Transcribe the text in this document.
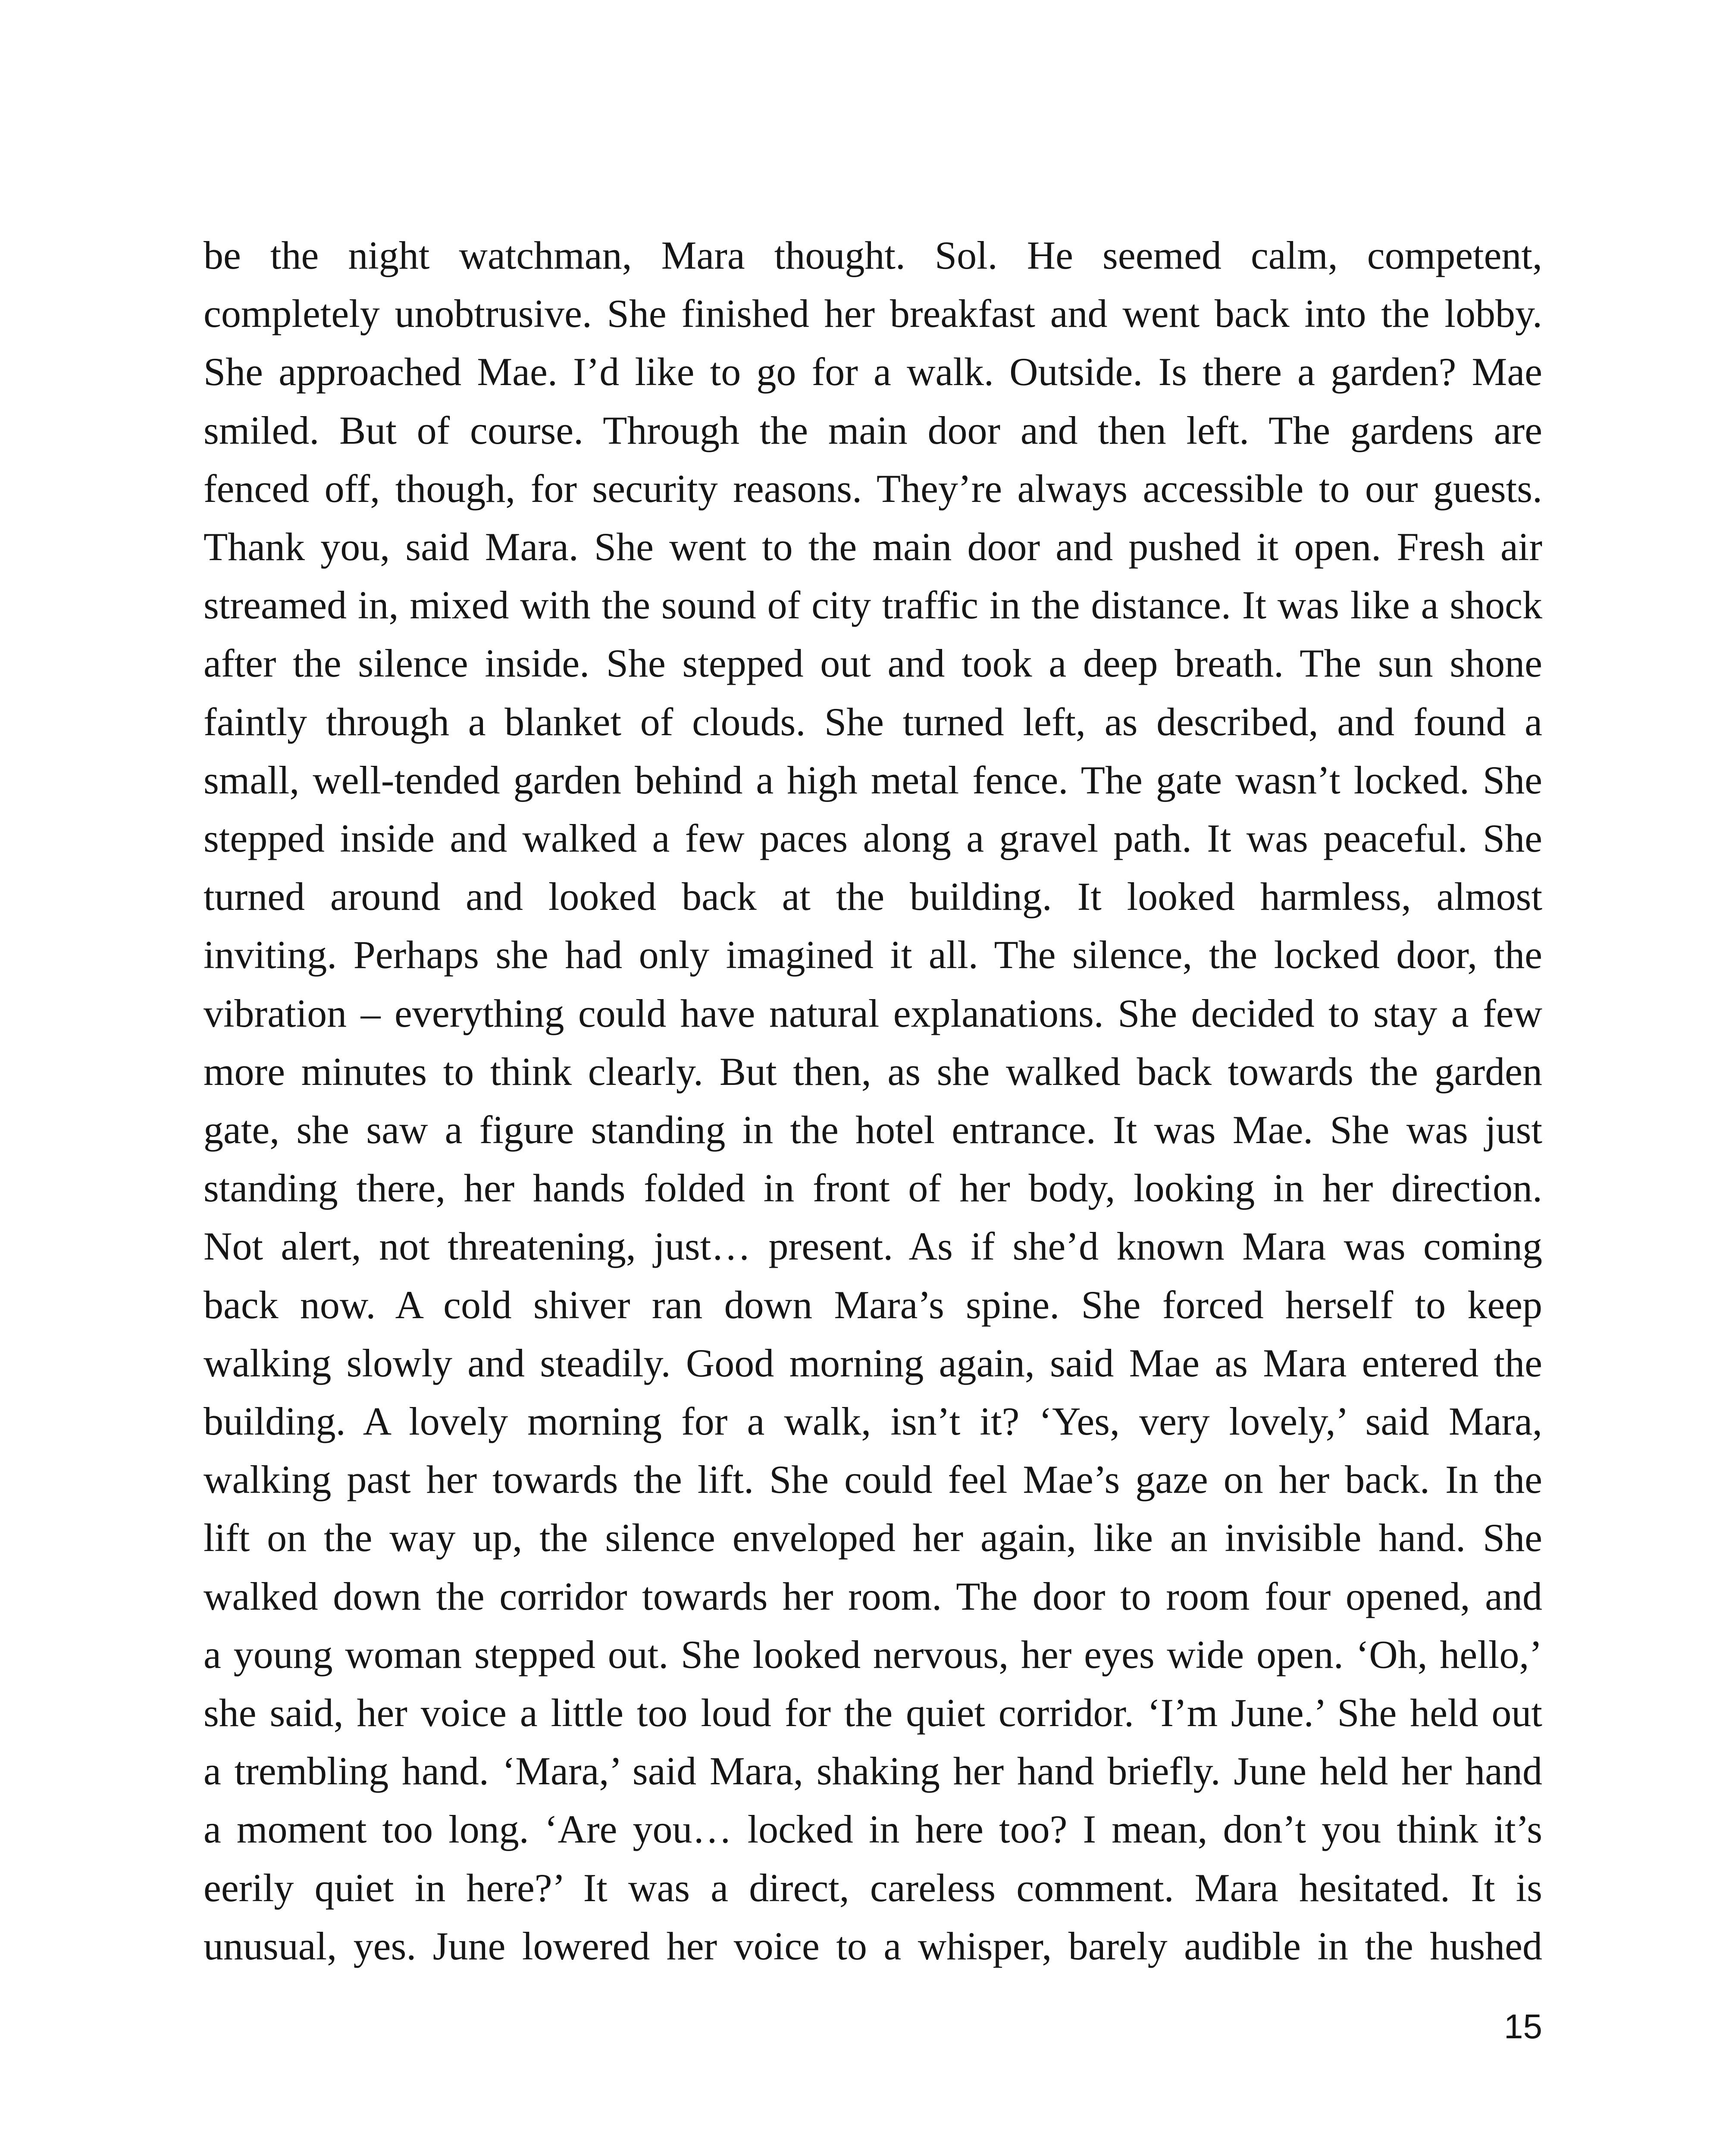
be the night watchman, Mara thought. Sol. He seemed calm, competent,
completely unobtrusive. She finished her breakfast and went back into the lobby.
She approached Mae. I’d like to go for a walk. Outside. Is there a garden? Mae
smiled. But of course. Through the main door and then left. The gardens are
fenced off, though, for security reasons. They’re always accessible to our guests.
Thank you, said Mara. She went to the main door and pushed it open. Fresh air
streamed in, mixed with the sound of city traffic in the distance. It was like a shock
after the silence inside. She stepped out and took a deep breath. The sun shone
faintly through a blanket of clouds. She turned left, as described, and found a
small, well-tended garden behind a high metal fence. The gate wasn’t locked. She
stepped inside and walked a few paces along a gravel path. It was peaceful. She
turned around and looked back at the building. It looked harmless, almost
inviting. Perhaps she had only imagined it all. The silence, the locked door, the
vibration – everything could have natural explanations. She decided to stay a few
more minutes to think clearly. But then, as she walked back towards the garden
gate, she saw a figure standing in the hotel entrance. It was Mae. She was just
standing there, her hands folded in front of her body, looking in her direction.
Not alert, not threatening, just… present. As if she’d known Mara was coming
back now. A cold shiver ran down Mara’s spine. She forced herself to keep
walking slowly and steadily. Good morning again, said Mae as Mara entered the
building. A lovely morning for a walk, isn’t it? ‘Yes, very lovely,’ said Mara,
walking past her towards the lift. She could feel Mae’s gaze on her back. In the
lift on the way up, the silence enveloped her again, like an invisible hand. She
walked down the corridor towards her room. The door to room four opened, and
a young woman stepped out. She looked nervous, her eyes wide open. ‘Oh, hello,’
she said, her voice a little too loud for the quiet corridor. ‘I’m June.’ She held out
a trembling hand. ‘Mara,’ said Mara, shaking her hand briefly. June held her hand
a moment too long. ‘Are you… locked in here too? I mean, don’t you think it’s
eerily quiet in here?’ It was a direct, careless comment. Mara hesitated. It is
unusual, yes. June lowered her voice to a whisper, barely audible in the hushed
15
